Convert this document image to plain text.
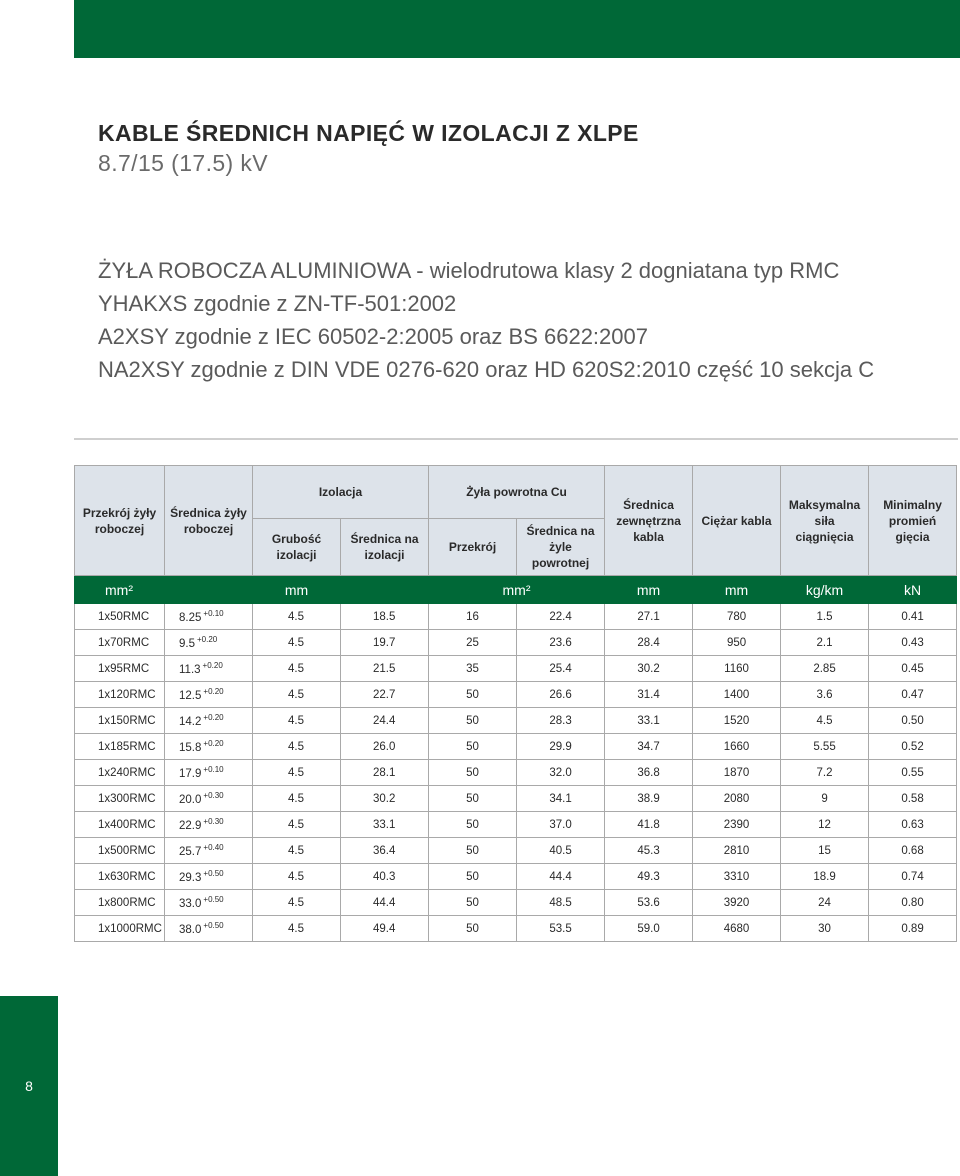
KABLE ŚREDNICH NAPIĘĆ W IZOLACJI Z XLPE
8.7/15 (17.5) kV
ŻYŁA ROBOCZA ALUMINIOWA - wielodrutowa klasy 2 dogniatana typ RMC
YHAKXS zgodnie z ZN-TF-501:2002
A2XSY zgodnie z IEC 60502-2:2005 oraz BS 6622:2007
NA2XSY zgodnie z DIN VDE 0276-620 oraz HD 620S2:2010 część 10 sekcja C
Przekrój żyły roboczej	Średnica żyły roboczej	Izolacja		Żyła powrotna Cu		Średnica zewnętrzna kabla	Ciężar kabla	Maksymalna siła ciągnięcia	Minimalny promień gięcia
		Grubość izolacji	Średnica na izolacji	Przekrój	Średnica na żyle powrotnej				
mm²	mm			mm²		mm	mm	kg/km	kN
1x50RMC	8.25 $^{+0.10}$	4.5	18.5	16	22.4	27.1	780	1.5	0.41
1x70RMC	9.5 $^{+0.20}$	4.5	19.7	25	23.6	28.4	950	2.1	0.43
1x95RMC	11.3 $^{+0.20}$	4.5	21.5	35	25.4	30.2	1160	2.85	0.45
1x120RMC	12.5 $^{+0.20}$	4.5	22.7	50	26.6	31.4	1400	3.6	0.47
1x150RMC	14.2 $^{+0.20}$	4.5	24.4	50	28.3	33.1	1520	4.5	0.50
1x185RMC	15.8 $^{+0.20}$	4.5	26.0	50	29.9	34.7	1660	5.55	0.52
1x240RMC	17.9 $^{+0.10}$	4.5	28.1	50	32.0	36.8	1870	7.2	0.55
1x300RMC	20.0 $^{+0.30}$	4.5	30.2	50	34.1	38.9	2080	9	0.58
1x400RMC	22.9 $^{+0.30}$	4.5	33.1	50	37.0	41.8	2390	12	0.63
1x500RMC	25.7 $^{+0.40}$	4.5	36.4	50	40.5	45.3	2810	15	0.68
1x630RMC	29.3 $^{+0.50}$	4.5	40.3	50	44.4	49.3	3310	18.9	0.74
1x800RMC	33.0 $^{+0.50}$	4.5	44.4	50	48.5	53.6	3920	24	0.80
1x1000RMC	38.0 $^{+0.50}$	4.5	49.4	50	53.5	59.0	4680	30	0.89
8
